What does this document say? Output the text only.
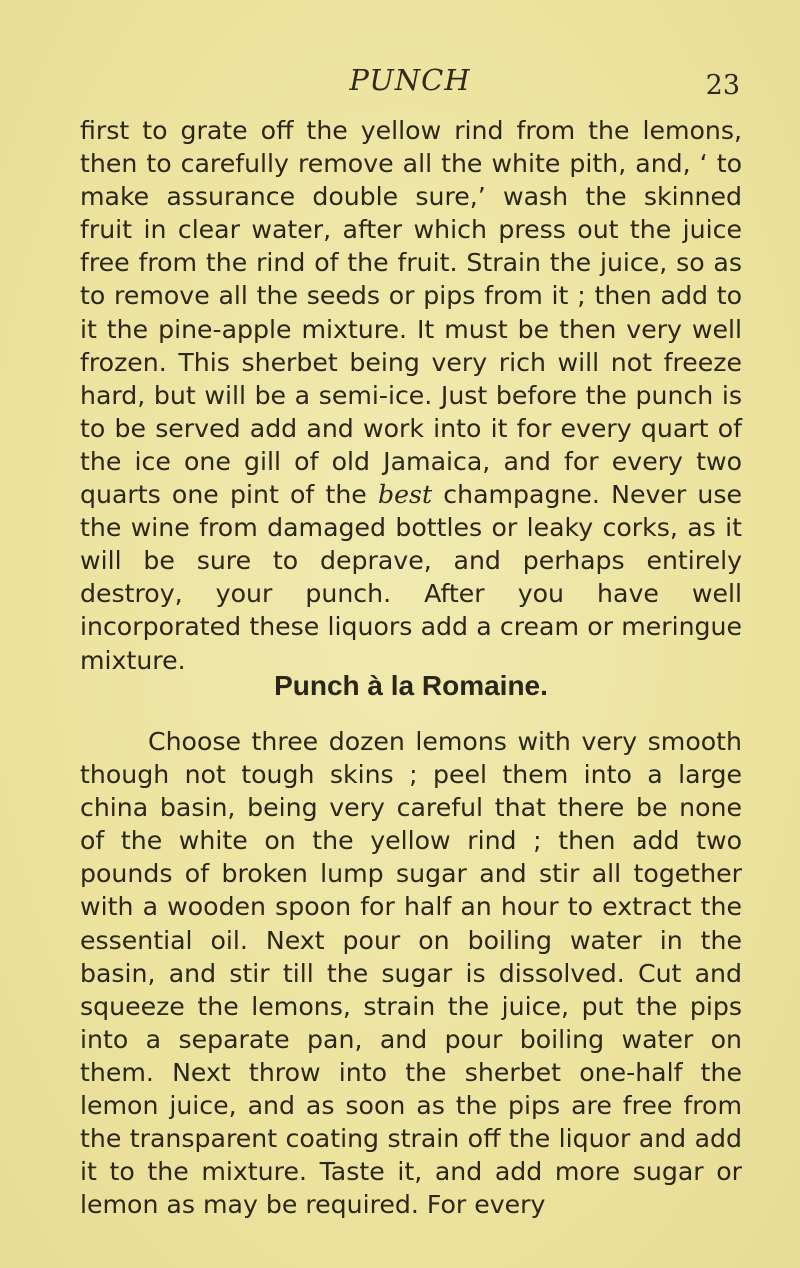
PUNCH	23

first to grate off the yellow rind from the lemons, then to carefully remove all the white pith, and, ‘ to make assurance double sure,’ wash the skinned fruit in clear water, after which press out the juice free from the rind of the fruit. Strain the juice, so as to remove all the seeds or pips from it ; then add to it the pine-apple mixture. It must be then very well frozen. This sherbet being very rich will not freeze hard, but will be a semi-ice. Just before the punch is to be served add and work into it for every quart of the ice one gill of old Jamaica, and for every two quarts one pint of the best champagne. Never use the wine from damaged bottles or leaky corks, as it will be sure to deprave, and perhaps entirely destroy, your punch. After you have well incorporated these liquors add a cream or meringue mixture.

Punch à la Romaine.

Choose three dozen lemons with very smooth though not tough skins ; peel them into a large china basin, being very careful that there be none of the white on the yellow rind ; then add two pounds of broken lump sugar and stir all together with a wooden spoon for half an hour to extract the essential oil. Next pour on boiling water in the basin, and stir till the sugar is dissolved. Cut and squeeze the lemons, strain the juice, put the pips into a separate pan, and pour boiling water on them. Next throw into the sherbet one-half the lemon juice, and as soon as the pips are free from the transparent coating strain off the liquor and add it to the mixture. Taste it, and add more sugar or lemon as may be required. For every
